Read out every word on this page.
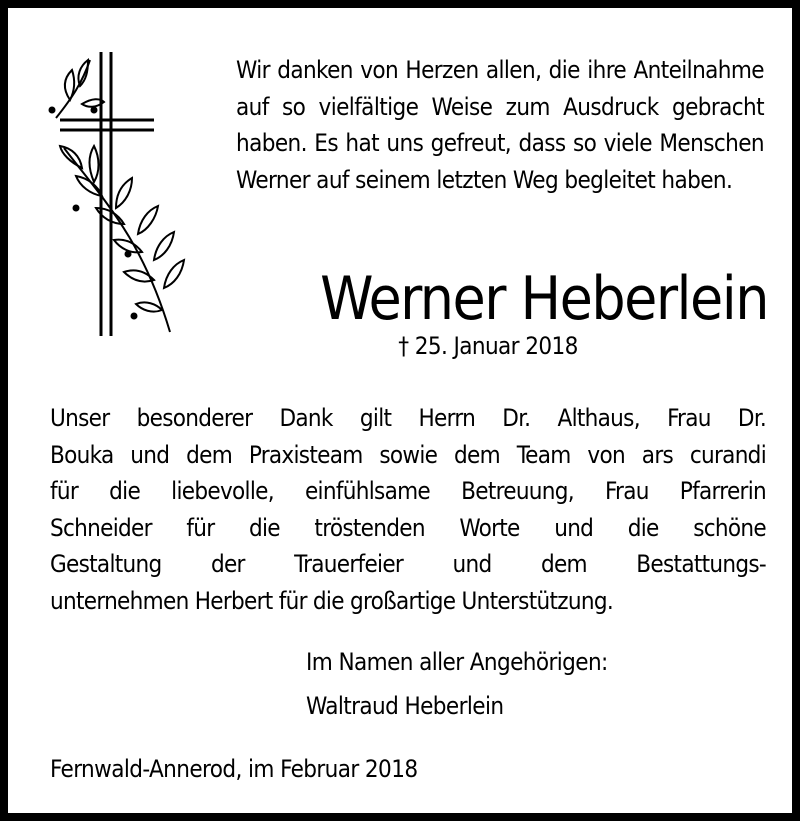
Wir danken von Herzen allen, die ihre Anteilnahme auf so vielfältige Weise zum Ausdruck gebracht haben. Es hat uns gefreut, dass so viele Menschen Werner auf seinem letzten Weg begleitet haben.
Werner Heberlein
† 25. Januar 2018
Unser besonderer Dank gilt Herrn Dr. Althaus, Frau Dr.
Bouka und dem Praxisteam sowie dem Team von ars curandi
für die liebevolle, einfühlsame Betreuung, Frau Pfarrerin
Schneider für die tröstenden Worte und die schöne
Gestaltung der Trauerfeier und dem Bestattungs-
unternehmen Herbert für die großartige Unterstützung.
Im Namen aller Angehörigen:
Waltraud Heberlein
Fernwald-Annerod, im Februar 2018
